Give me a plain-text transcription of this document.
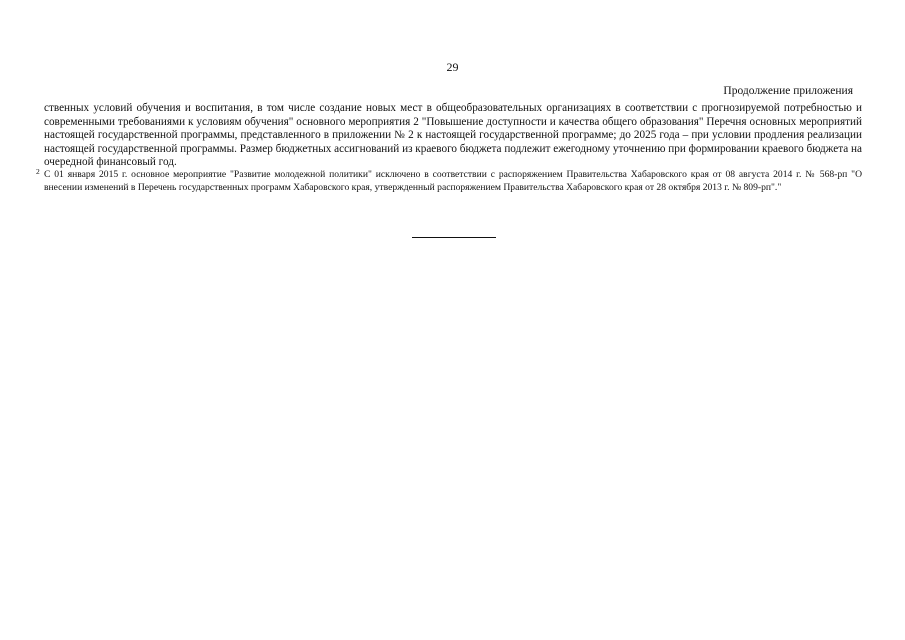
29
Продолжение приложения

ственных условий обучения и воспитания, в том числе создание новых мест в общеобразовательных организациях в соответствии с прогнозируемой потребностью и современными требованиями к условиям обучения" основного мероприятия 2 "Повышение доступности и качества общего образования" Перечня основных мероприятий настоящей государственной программы, представленного в приложении № 2 к настоящей государственной программе; до 2025 года – при условии продления реализации настоящей государственной программы. Размер бюджетных ассигнований из краевого бюджета подлежит ежегодному уточнению при формировании краевого бюджета на очередной финансовый год.

2 С 01 января 2015 г. основное мероприятие "Развитие молодежной политики" исключено в соответствии с распоряжением Правительства Хабаровского края от 08 августа 2014 г. № 568-рп "О внесении изменений в Перечень государственных программ Хабаровского края, утвержденный распоряжением Правительства Хабаровского края от 28 октября 2013 г. № 809-рп"."
